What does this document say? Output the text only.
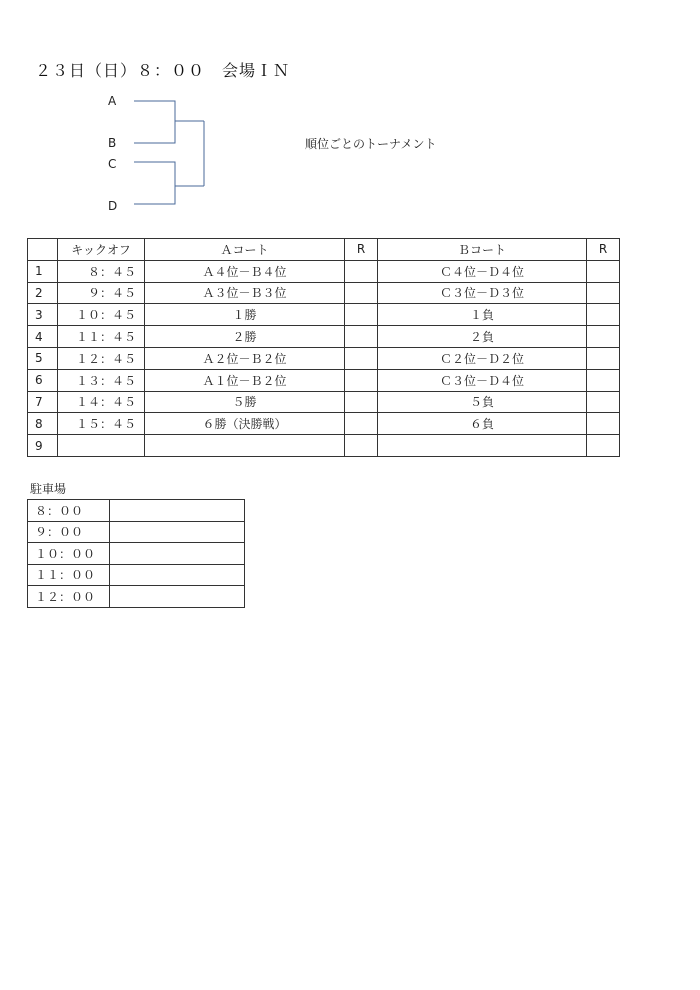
２３日（日）８：００　会場ＩＮ
A
B
C
D
順位ごとのトーナメント
	キックオフ	Ａコート	R	Ｂコート	R
1	８：４５	Ａ４位－Ｂ４位		Ｃ４位－Ｄ４位	
2	９：４５	Ａ３位－Ｂ３位		Ｃ３位－Ｄ３位	
3	１０：４５	１勝		１負	
4	１１：４５	２勝		２負	
5	１２：４５	Ａ２位－Ｂ２位		Ｃ２位－Ｄ２位	
6	１３：４５	Ａ１位－Ｂ２位		Ｃ３位－Ｄ４位	
7	１４：４５	５勝		５負	
8	１５：４５	６勝（決勝戦）		６負	
9					
駐車場
８：００	
９：００	
１０：００	
１１：００	
１２：００	
